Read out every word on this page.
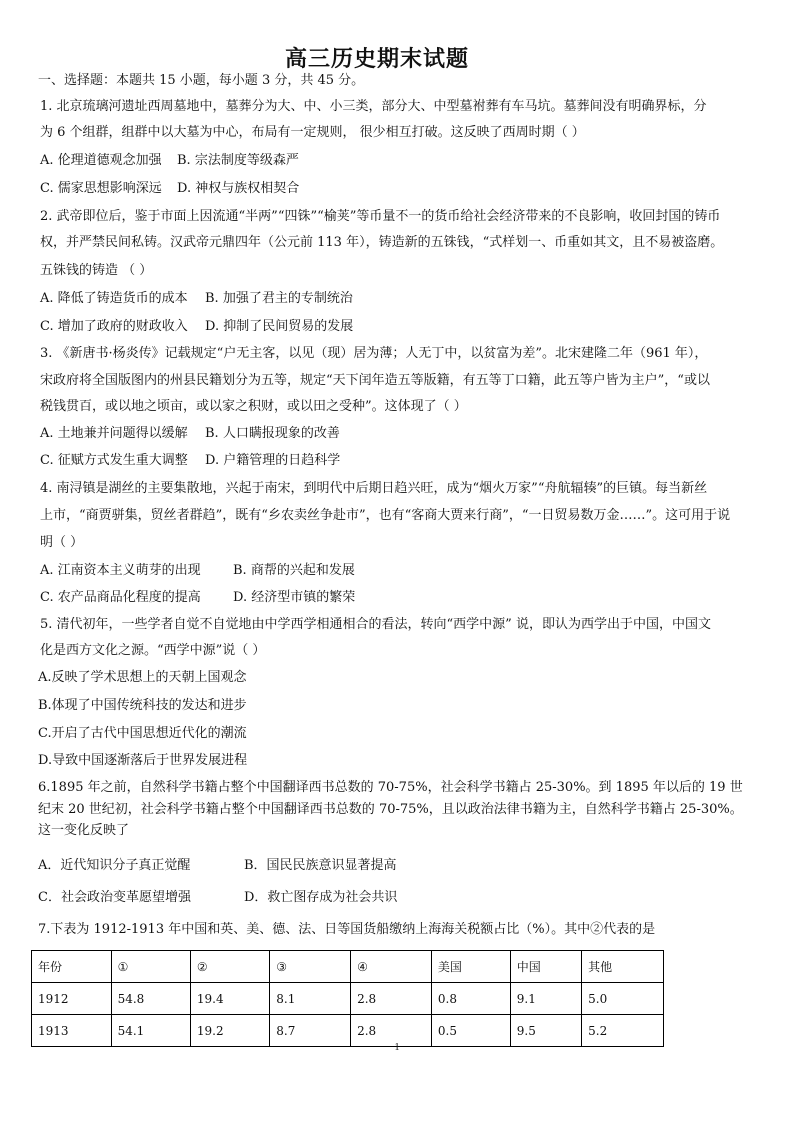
高三历史期末试题
一、选择题：本题共 15 小题，每小题 3 分，共 45 分。
1. 北京琉璃河遗址西周墓地中，墓葬分为大、中、小三类，部分大、中型墓袝葬有车马坑。墓葬间没有明确界标，分
为 6 个组群，组群中以大墓为中心，布局有一定规则， 很少相互打破。这反映了西周时期（ ）
A. 伦理道德观念加强 B. 宗法制度等级森严
C. 儒家思想影响深远 D. 神权与族权相契合
2. 武帝即位后，鉴于市面上因流通“半两”“四铢”“榆荚”等币量不一的货币给社会经济带来的不良影响，收回封国的铸币
权，并严禁民间私铸。汉武帝元鼎四年（公元前 113 年），铸造新的五铢钱，“式样划一、币重如其文，且不易被盗磨。
五铢钱的铸造 （ ）
A. 降低了铸造货币的成本 B. 加强了君主的专制统治
C. 增加了政府的财政收入 D. 抑制了民间贸易的发展
3. 《新唐书·杨炎传》记载规定“户无主客，以见（现）居为薄；人无丁中，以贫富为差”。北宋建隆二年（961 年），
宋政府将全国版图内的州县民籍划分为五等，规定“天下闰年造五等版籍，有五等丁口籍，此五等户皆为主户”，“或以
税钱贯百，或以地之顷亩，或以家之积财，或以田之受种”。这体现了（ ）
A. 土地兼并问题得以缓解 B. 人口瞒报现象的改善
C. 征赋方式发生重大调整 D. 户籍管理的日趋科学
4. 南浔镇是湖丝的主要集散地，兴起于南宋，到明代中后期日趋兴旺，成为“烟火万家”“舟航辐辏”的巨镇。每当新丝
上市，“商贾骈集，贸丝者群趋”，既有“乡农卖丝争赴市”，也有“客商大贾来行商”，“一日贸易数万金……”。这可用于说
明（ ）
A. 江南资本主义萌芽的出现 B. 商帮的兴起和发展
C. 农产品商品化程度的提高 D. 经济型市镇的繁荣
5. 清代初年，一些学者自觉不自觉地由中学西学相通相合的看法，转向“西学中源” 说，即认为西学出于中国，中国文
化是西方文化之源。“西学中源”说（ ）
A.反映了学术思想上的天朝上国观念
B.体现了中国传统科技的发达和进步
C.开启了古代中国思想近代化的潮流
D.导致中国逐渐落后于世界发展进程
6.1895 年之前，自然科学书籍占整个中国翻译西书总数的 70-75%，社会科学书籍占 25-30%。到 1895 年以后的 19 世
纪末 20 世纪初，社会科学书籍占整个中国翻译西书总数的 70-75%，且以政治法律书籍为主，自然科学书籍占 25-30%。
这一变化反映了
A．近代知识分子真正觉醒	B．国民民族意识显著提高
C．社会政治变革愿望增强	D．救亡图存成为社会共识
7.下表为 1912-1913 年中国和英、美、德、法、日等国货船缴纳上海海关税额占比（%）。其中②代表的是
年份	①	②	③	④	美国	中国	其他
1912	54.8	19.4	8.1	2.8	0.8	9.1	5.0
1913	54.1	19.2	8.7	2.8	0.5	9.5	5.2
1
